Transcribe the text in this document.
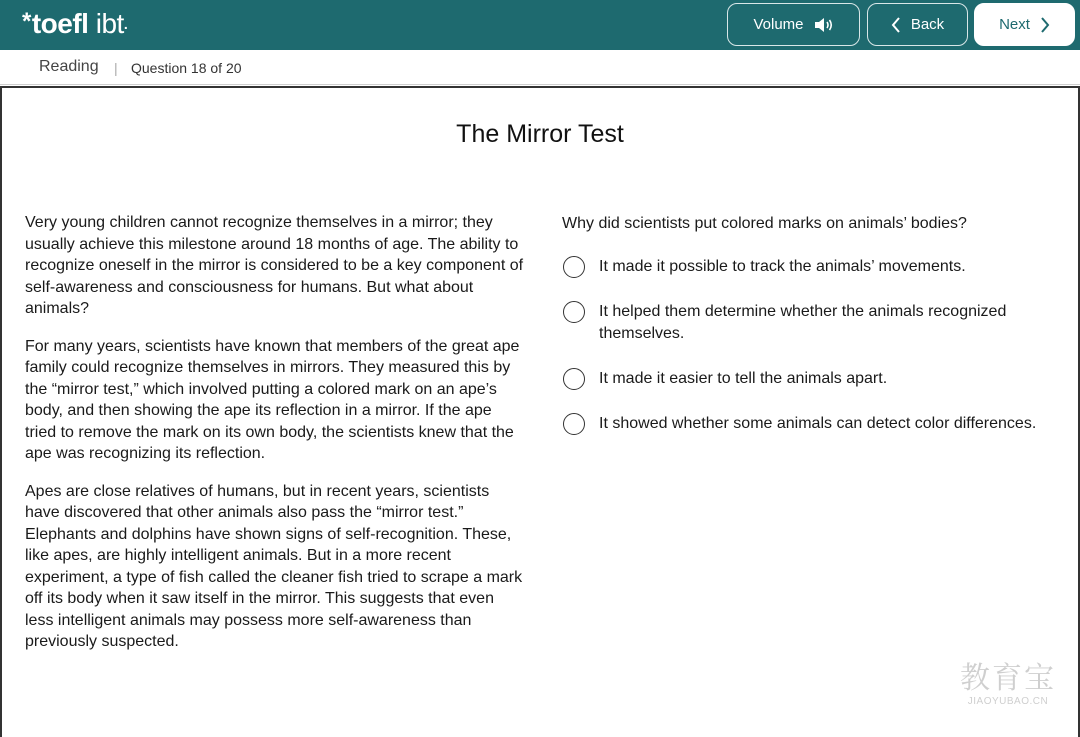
*toefl ibt.	Volume	Back	Next
Reading | Question 18 of 20
The Mirror Test

Very young children cannot recognize themselves in a mirror; they usually achieve this milestone around 18 months of age. The ability to recognize oneself in the mirror is considered to be a key component of self-awareness and consciousness for humans. But what about animals?

For many years, scientists have known that members of the great ape family could recognize themselves in mirrors. They measured this by the “mirror test,” which involved putting a colored mark on an ape’s body, and then showing the ape its reflection in a mirror. If the ape tried to remove the mark on its own body, the scientists knew that the ape was recognizing its reflection.

Apes are close relatives of humans, but in recent years, scientists have discovered that other animals also pass the “mirror test.” Elephants and dolphins have shown signs of self-recognition. These, like apes, are highly intelligent animals. But in a more recent experiment, a type of fish called the cleaner fish tried to scrape a mark off its body when it saw itself in the mirror. This suggests that even less intelligent animals may possess more self-awareness than previously suspected.

Why did scientists put colored marks on animals’ bodies?
It made it possible to track the animals’ movements.
It helped them determine whether the animals recognized themselves.
It made it easier to tell the animals apart.
It showed whether some animals can detect color differences.
教育宝
JIAOYUBAO.CN
